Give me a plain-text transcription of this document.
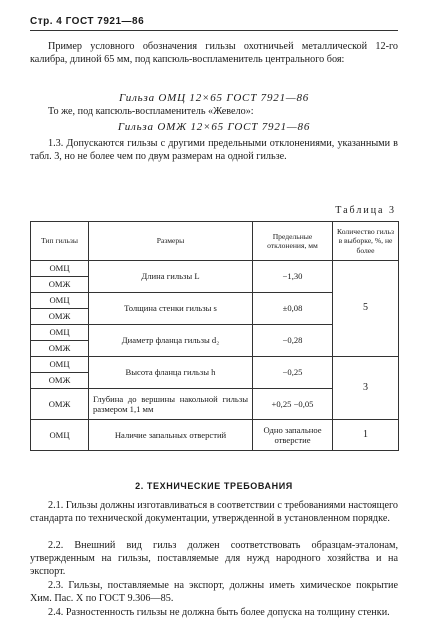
Стр. 4 ГОСТ 7921—86
Пример условного обозначения гильзы охотничьей металлической 12-го калибра, длиной 65 мм, под капсюль-воспламенитель центрального боя:
Гильза ОМЦ 12×65 ГОСТ 7921—86
То же, под капсюль-воспламенитель «Жевело»:
Гильза ОМЖ 12×65 ГОСТ 7921—86
1.3. Допускаются гильзы с другими предельными отклонениями, указанными в табл. 3, но не более чем по двум размерам на одной гильзе.
Таблица 3
Тип гильзы	Размеры	Предельные отклонения, мм	Количество гильз в выборке, %, не более
ОМЦ	Длина гильзы L	−1,30	5
ОМЖ			
ОМЦ	Толщина стенки гильзы s	±0,08	
ОМЖ			
ОМЦ	Диаметр фланца гильзы d₂	−0,28	
ОМЖ			
ОМЦ	Высота фланца гильзы h	−0,25	3
ОМЖ			
ОМЖ	Глубина до вершины накольной гильзы размером 1,1 мм	+0,25 −0,05	
ОМЦ	Наличие запальных отверстий	Одно запальное отверстие	1
2. ТЕХНИЧЕСКИЕ ТРЕБОВАНИЯ
2.1. Гильзы должны изготавливаться в соответствии с требованиями настоящего стандарта по технической документации, утвержденной в установленном порядке.
2.2. Внешний вид гильз должен соответствовать образцам-эталонам, утвержденным на гильзы, поставляемые для нужд народного хозяйства и на экспорт.
2.3. Гильзы, поставляемые на экспорт, должны иметь химическое покрытие Хим. Пас. X по ГОСТ 9.306—85.
2.4. Разностенность гильзы не должна быть более допуска на толщину стенки.
